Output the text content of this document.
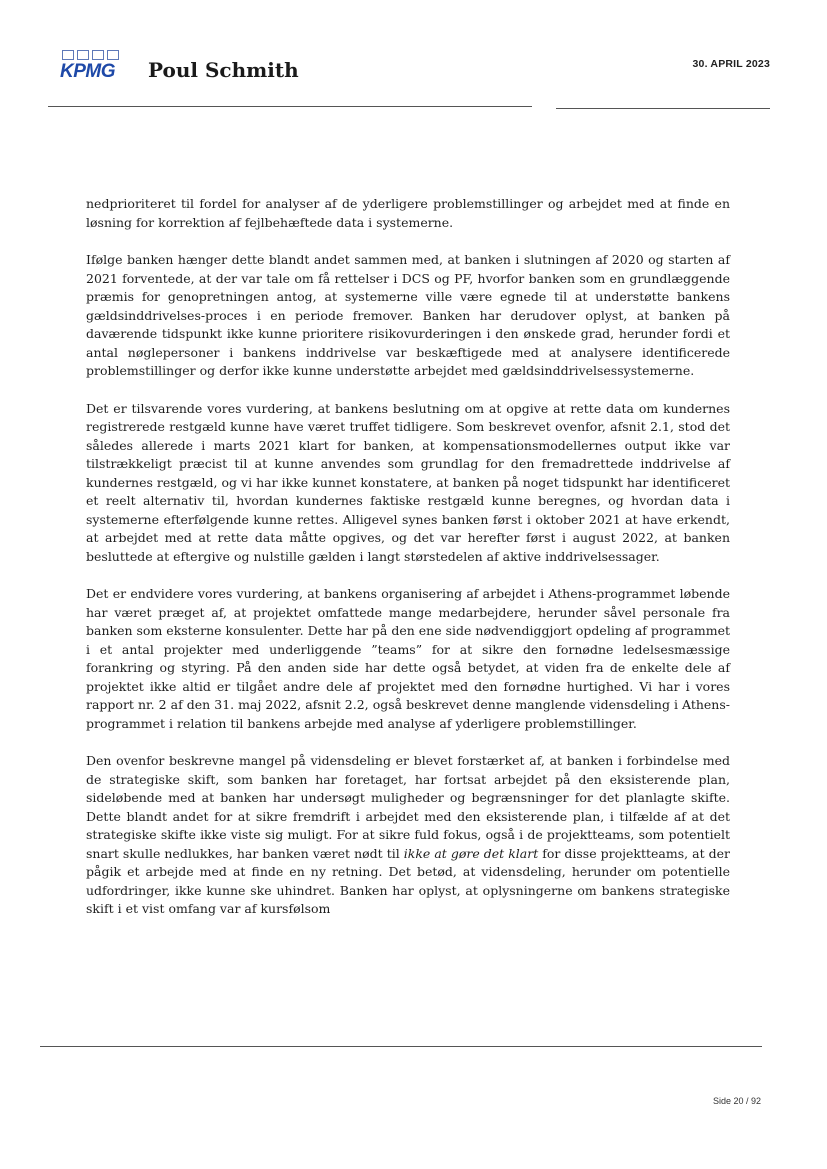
KPMG Poul Schmith	30. APRIL 2023

nedprioriteret til fordel for analyser af de yderligere problemstillinger og arbejdet med at finde en løsning for korrektion af fejlbehæftede data i systemerne.

Ifølge banken hænger dette blandt andet sammen med, at banken i slutningen af 2020 og starten af 2021 forventede, at der var tale om få rettelser i DCS og PF, hvorfor banken som en grundlæggende præmis for genopretningen antog, at systemerne ville være egnede til at understøtte bankens gældsinddrivelses-proces i en periode fremover. Banken har derudover oplyst, at banken på daværende tidspunkt ikke kunne prioritere risikovurderingen i den ønskede grad, herunder fordi et antal nøglepersoner i bankens inddrivelse var beskæftigede med at analysere identificerede problemstillinger og derfor ikke kunne understøtte arbejdet med gældsinddrivelsessystemerne.

Det er tilsvarende vores vurdering, at bankens beslutning om at opgive at rette data om kundernes registrerede restgæld kunne have været truffet tidligere. Som beskrevet ovenfor, afsnit 2.1, stod det således allerede i marts 2021 klart for banken, at kompensationsmodellernes output ikke var tilstrækkeligt præcist til at kunne anvendes som grundlag for den fremadrettede inddrivelse af kundernes restgæld, og vi har ikke kunnet konstatere, at banken på noget tidspunkt har identificeret et reelt alternativ til, hvordan kundernes faktiske restgæld kunne beregnes, og hvordan data i systemerne efterfølgende kunne rettes. Alligevel synes banken først i oktober 2021 at have erkendt, at arbejdet med at rette data måtte opgives, og det var herefter først i august 2022, at banken besluttede at eftergive og nulstille gælden i langt størstedelen af aktive inddrivelsessager.

Det er endvidere vores vurdering, at bankens organisering af arbejdet i Athens-programmet løbende har været præget af, at projektet omfattede mange medarbejdere, herunder såvel personale fra banken som eksterne konsulenter. Dette har på den ene side nødvendiggjort opdeling af programmet i et antal projekter med underliggende ”teams” for at sikre den fornødne ledelsesmæssige forankring og styring. På den anden side har dette også betydet, at viden fra de enkelte dele af projektet ikke altid er tilgået andre dele af projektet med den fornødne hurtighed. Vi har i vores rapport nr. 2 af den 31. maj 2022, afsnit 2.2, også beskrevet denne manglende vidensdeling i Athens-programmet i relation til bankens arbejde med analyse af yderligere problemstillinger.

Den ovenfor beskrevne mangel på vidensdeling er blevet forstærket af, at banken i forbindelse med de strategiske skift, som banken har foretaget, har fortsat arbejdet på den eksisterende plan, sideløbende med at banken har undersøgt muligheder og begrænsninger for det planlagte skifte. Dette blandt andet for at sikre fremdrift i arbejdet med den eksisterende plan, i tilfælde af at det strategiske skifte ikke viste sig muligt. For at sikre fuld fokus, også i de projektteams, som potentielt snart skulle nedlukkes, har banken været nødt til ikke at gøre det klart for disse projektteams, at der pågik et arbejde med at finde en ny retning. Det betød, at vidensdeling, herunder om potentielle udfordringer, ikke kunne ske uhindret. Banken har oplyst, at oplysningerne om bankens strategiske skift i et vist omfang var af kursfølsom

Side 20 / 92
